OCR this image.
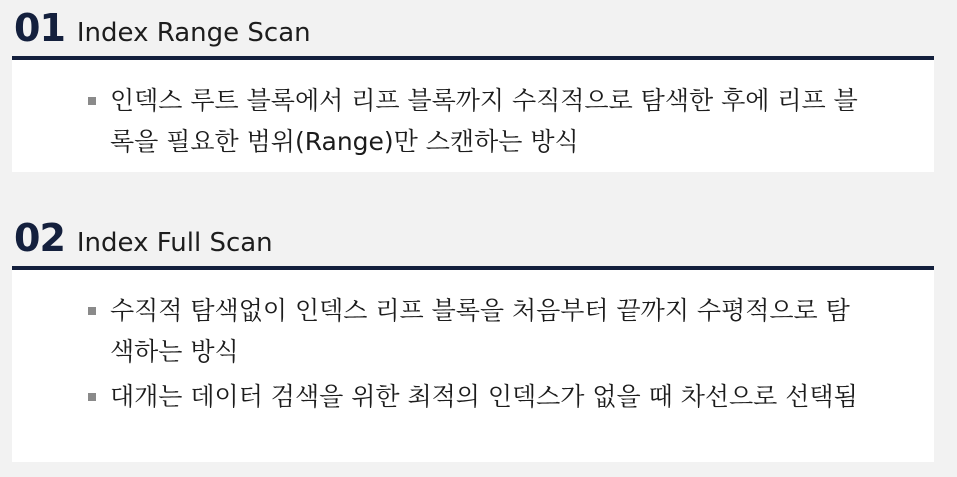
01 Index Range Scan
인덱스 루트 블록에서 리프 블록까지 수직적으로 탐색한 후에 리프 블록을 필요한 범위(Range)만 스캔하는 방식
02 Index Full Scan
수직적 탐색없이 인덱스 리프 블록을 처음부터 끝까지 수평적으로 탐색하는 방식
대개는 데이터 검색을 위한 최적의 인덱스가 없을 때 차선으로 선택됨
